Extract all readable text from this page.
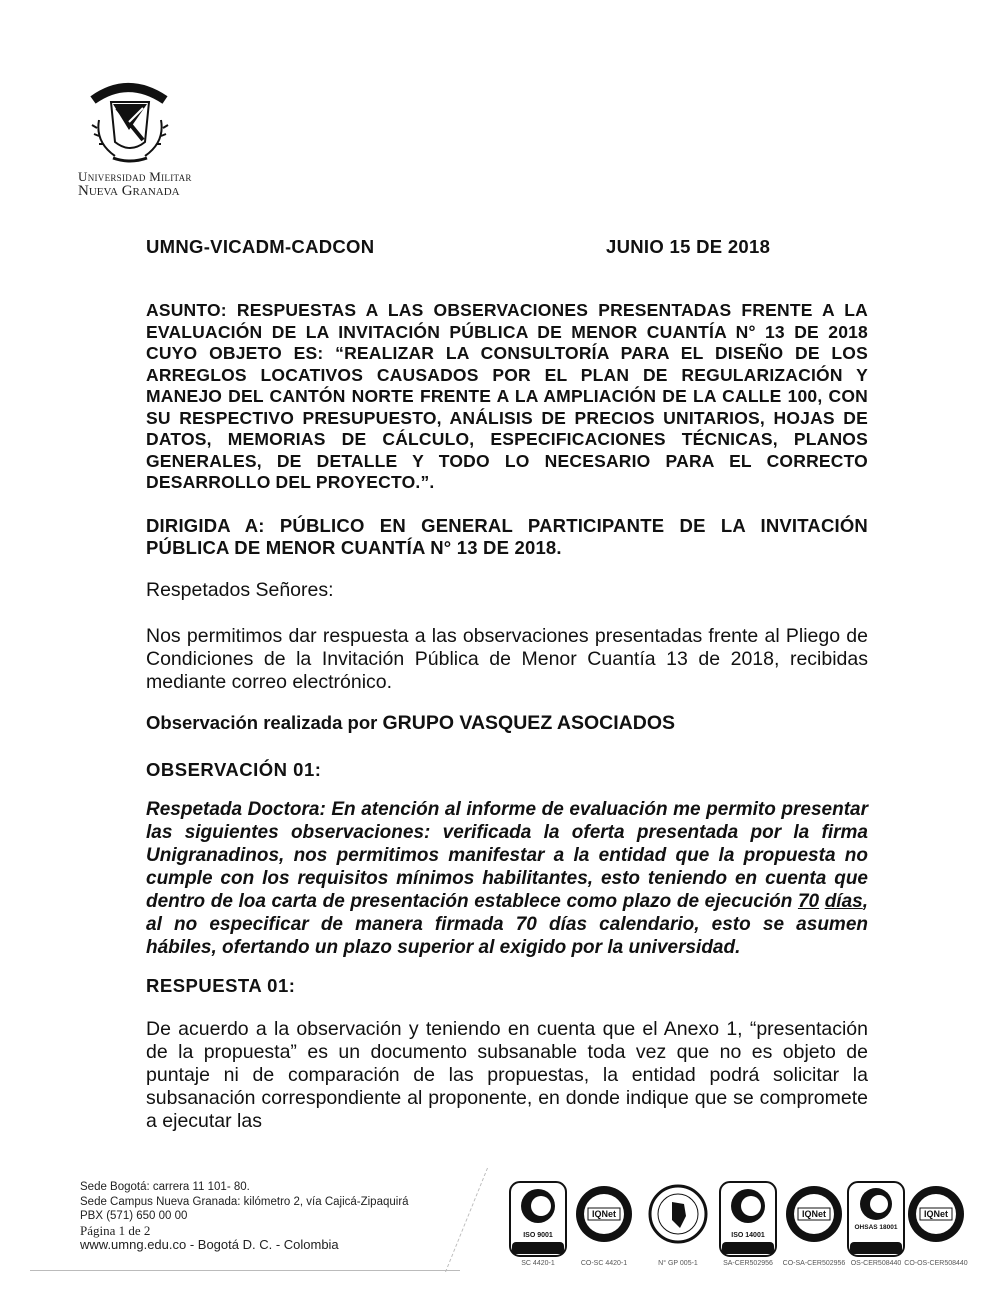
Universidad Militar
Nueva Granada
UMNG-VICADM-CADCON	JUNIO 15 DE 2018
ASUNTO: RESPUESTAS A LAS OBSERVACIONES PRESENTADAS FRENTE A LA EVALUACIÓN DE LA INVITACIÓN PÚBLICA DE MENOR CUANTÍA N° 13 DE 2018 CUYO OBJETO ES: “REALIZAR LA CONSULTORÍA PARA EL DISEÑO DE LOS ARREGLOS LOCATIVOS CAUSADOS POR EL PLAN DE REGULARIZACIÓN Y MANEJO DEL CANTÓN NORTE FRENTE A LA AMPLIACIÓN DE LA CALLE 100, CON SU RESPECTIVO PRESUPUESTO, ANÁLISIS DE PRECIOS UNITARIOS, HOJAS DE DATOS, MEMORIAS DE CÁLCULO, ESPECIFICACIONES TÉCNICAS, PLANOS GENERALES, DE DETALLE Y TODO LO NECESARIO PARA EL CORRECTO DESARROLLO DEL PROYECTO.”.
DIRIGIDA A: PÚBLICO EN GENERAL PARTICIPANTE DE LA INVITACIÓN PÚBLICA DE MENOR CUANTÍA N° 13 DE 2018.
Respetados Señores:
Nos permitimos dar respuesta a las observaciones presentadas frente al Pliego de Condiciones de la Invitación Pública de Menor Cuantía 13 de 2018, recibidas mediante correo electrónico.
Observación realizada por GRUPO VASQUEZ ASOCIADOS
OBSERVACIÓN 01:
Respetada Doctora: En atención al informe de evaluación me permito presentar las siguientes observaciones: verificada la oferta presentada por la firma Unigranadinos, nos permitimos manifestar a la entidad que la propuesta no cumple con los requisitos mínimos habilitantes, esto teniendo en cuenta que dentro de loa carta de presentación establece como plazo de ejecución 70 días, al no especificar de manera firmada 70 días calendario, esto se asumen hábiles, ofertando un plazo superior al exigido por la universidad.
RESPUESTA 01:
De acuerdo a la observación y teniendo en cuenta que el Anexo 1, “presentación de la propuesta” es un documento subsanable toda vez que no es objeto de puntaje ni de comparación de las propuestas, la entidad podrá solicitar la subsanación correspondiente al proponente, en donde indique que se compromete a ejecutar las
Sede Bogotá: carrera 11 101- 80.
Sede Campus Nueva Granada: kilómetro 2, vía Cajicá-Zipaquirá
PBX (571) 650 00 00
Página 1 de 2
www.umng.edu.co - Bogotá D. C. - Colombia
ISO 9001
SC 4420-1
IQNet
CO-SC 4420-1	N° GP 005-1
ISO 14001
SA-CER502956
IQNet
CO-SA-CER502956
OHSAS 18001
OS-CER508440
IQNet
CO-OS-CER508440
